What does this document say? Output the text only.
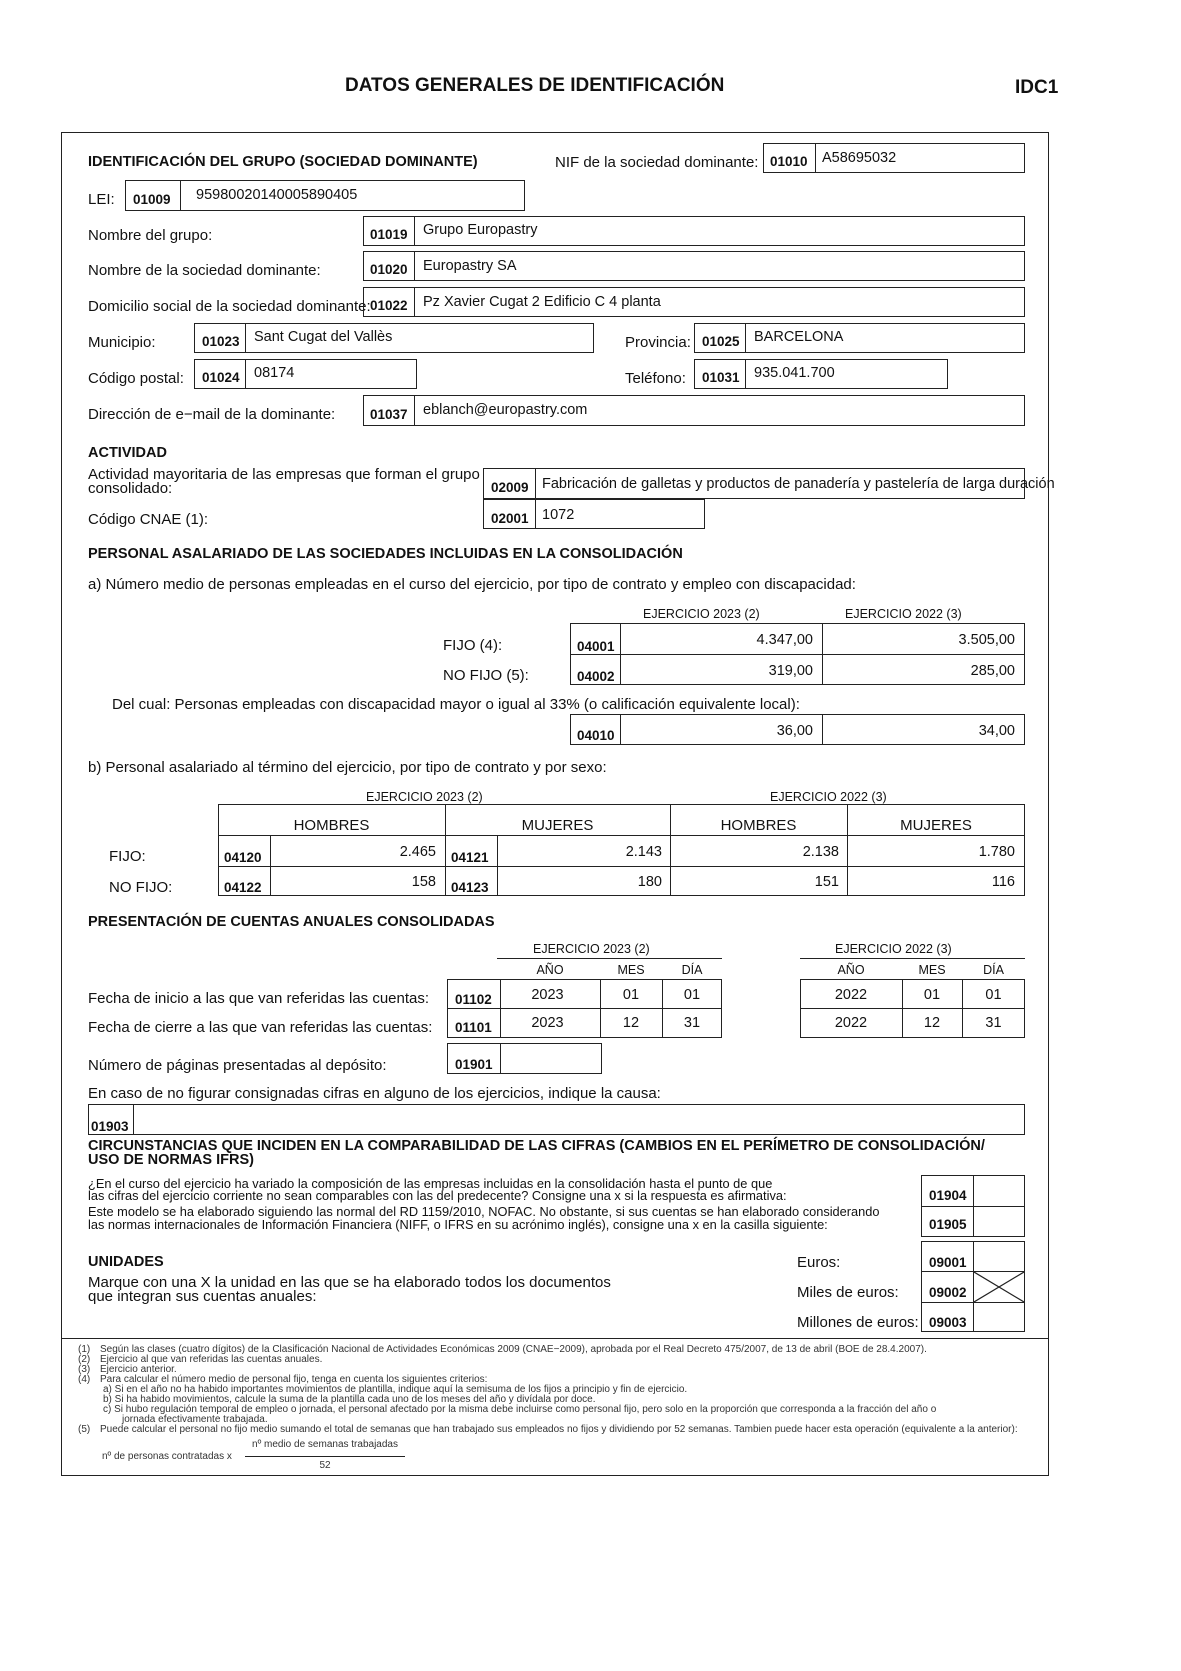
DATOS GENERALES DE IDENTIFICACIÓN	IDC1
IDENTIFICACIÓN DEL GRUPO (SOCIEDAD DOMINANTE)	NIF de la sociedad dominante: 01010 A58695032
LEI: 01009 95980020140005890405
Nombre del grupo:	01019 Grupo Europastry
Nombre de la sociedad dominante:	01020 Europastry SA
Domicilio social de la sociedad dominante: 01022 Pz Xavier Cugat 2 Edificio C 4 planta
Municipio:	01023 Sant Cugat del Vallès	Provincia: 01025 BARCELONA
Código postal: 01024 08174	Teléfono: 01031 935.041.700
Dirección de e−mail de la dominante:	01037 eblanch@europastry.com
ACTIVIDAD
Actividad mayoritaria de las empresas que forman el grupo
consolidado:	02009 Fabricación de galletas y productos de panadería y pastelería de larga duración
Código CNAE (1):	02001 1072
PERSONAL ASALARIADO DE LAS SOCIEDADES INCLUIDAS EN LA CONSOLIDACIÓN
a) Número medio de personas empleadas en el curso del ejercicio, por tipo de contrato y empleo con discapacidad:
EJERCICIO 2023 (2)	EJERCICIO 2022 (3)
FIJO (4):	04001	4.347,00	3.505,00
NO FIJO (5):	04002	319,00	285,00
Del cual: Personas empleadas con discapacidad mayor o igual al 33% (o calificación equivalente local):
04010	36,00	34,00
b) Personal asalariado al término del ejercicio, por tipo de contrato y por sexo:
EJERCICIO 2023 (2)	EJERCICIO 2022 (3)
HOMBRES	MUJERES	HOMBRES	MUJERES
FIJO:	04120	2.465 04121	2.143	2.138	1.780
NO FIJO:	04122	158 04123	180	151	116
PRESENTACIÓN DE CUENTAS ANUALES CONSOLIDADAS
EJERCICIO 2023 (2)	EJERCICIO 2022 (3)
AÑO	MES	DÍA	AÑO	MES	DÍA
Fecha de inicio a las que van referidas las cuentas: 01102	2023	01	01	2022	01	01
Fecha de cierre a las que van referidas las cuentas: 01101	2023	12	31	2022	12	31
Número de páginas presentadas al depósito:	01901
En caso de no figurar consignadas cifras en alguno de los ejercicios, indique la causa:
01903
CIRCUNSTANCIAS QUE INCIDEN EN LA COMPARABILIDAD DE LAS CIFRAS (CAMBIOS EN EL PERÍMETRO DE CONSOLIDACIÓN/
USO DE NORMAS IFRS)
¿En el curso del ejercicio ha variado la composición de las empresas incluidas en la consolidación hasta el punto de que
las cifras del ejercicio corriente no sean comparables con las del predecente? Consigne una x si la respuesta es afirmativa:
Este modelo se ha elaborado siguiendo las normal del RD 1159/2010, NOFAC. No obstante, si sus cuentas se han elaborado considerando
las normas internacionales de Información Financiera (NIFF, o IFRS en su acrónimo inglés), consigne una x en la casilla siguiente:
01904
01905
UNIDADES
Marque con una X la unidad en las que se ha elaborado todos los documentos
que integran sus cuentas anuales:
Euros:	09001
Miles de euros: 09002
Millones de euros: 09003
(1) Según las clases (cuatro dígitos) de la Clasificación Nacional de Actividades Económicas 2009 (CNAE−2009), aprobada por el Real Decreto 475/2007, de 13 de abril (BOE de 28.4.2007).
(2) Ejercicio al que van referidas las cuentas anuales.
(3) Ejercicio anterior.
(4) Para calcular el número medio de personal fijo, tenga en cuenta los siguientes criterios:
a) Si en el año no ha habido importantes movimientos de plantilla, indique aquí la semisuma de los fijos a principio y fin de ejercicio.
b) Si ha habido movimientos, calcule la suma de la plantilla cada uno de los meses del año y divídala por doce.
c) Si hubo regulación temporal de empleo o jornada, el personal afectado por la misma debe incluirse como personal fijo, pero solo en la proporción que corresponda a la fracción del año o
jornada efectivamente trabajada.
(5) Puede calcular el personal no fijo medio sumando el total de semanas que han trabajado sus empleados no fijos y dividiendo por 52 semanas. Tambien puede hacer esta operación (equivalente a la anterior):
nº de personas contratadas x
nº medio de semanas trabajadas
52
